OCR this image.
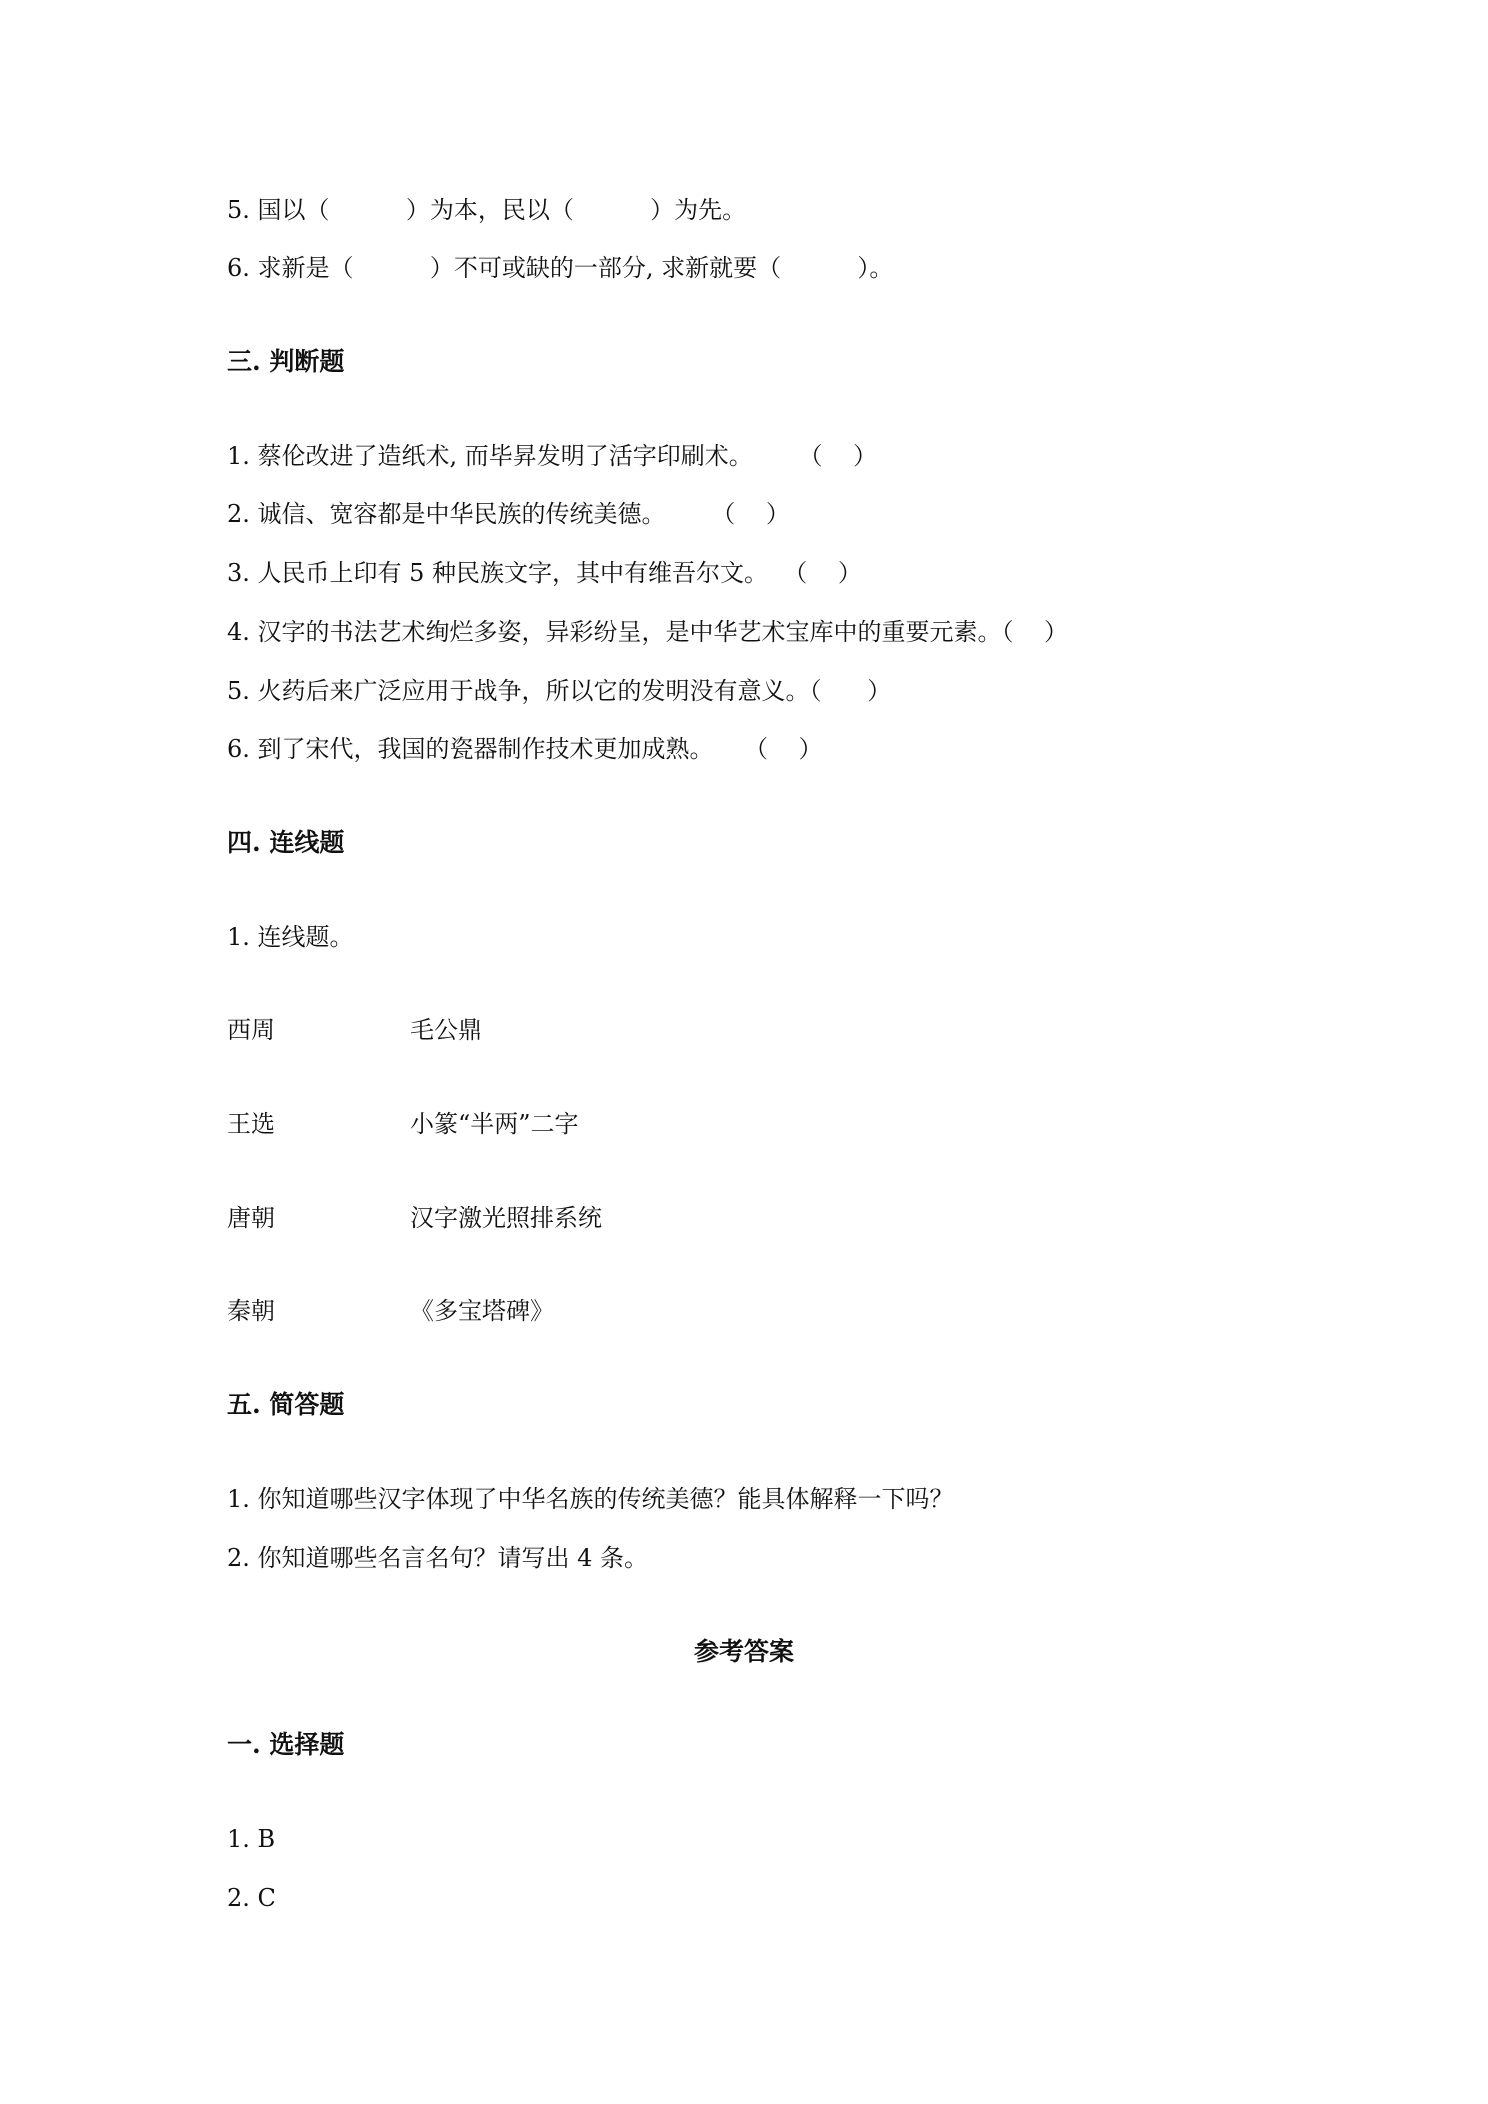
5. 国以（          ）为本，民以（          ）为先。
6. 求新是（          ）不可或缺的一部分, 求新就要（          ）。
三. 判断题
1. 蔡伦改进了造纸术, 而毕昇发明了活字印刷术。      （    ）
2. 诚信、宽容都是中华民族的传统美德。      （    ）
3. 人民币上印有 5 种民族文字，其中有维吾尔文。  （    ）
4. 汉字的书法艺术绚烂多姿，异彩纷呈，是中华艺术宝库中的重要元素。（    ）
5. 火药后来广泛应用于战争，所以它的发明没有意义。（      ）
6. 到了宋代，我国的瓷器制作技术更加成熟。    （    ）
四. 连线题
1. 连线题。
西周	毛公鼎
王选	小篆“半两”二字
唐朝	汉字激光照排系统
秦朝	《多宝塔碑》
五. 简答题
1. 你知道哪些汉字体现了中华名族的传统美德？能具体解释一下吗？
2. 你知道哪些名言名句？请写出 4 条。
参考答案
一. 选择题
1. B
2. C
